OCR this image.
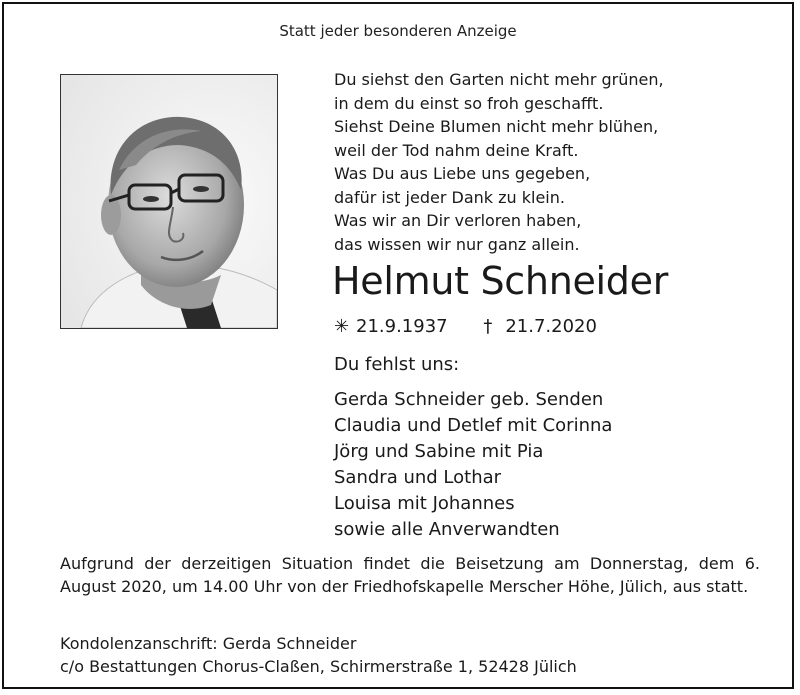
Statt jeder besonderen Anzeige
Du siehst den Garten nicht mehr grünen,
in dem du einst so froh geschafft.
Siehst Deine Blumen nicht mehr blühen,
weil der Tod nahm deine Kraft.
Was Du aus Liebe uns gegeben,
dafür ist jeder Dank zu klein.
Was wir an Dir verloren haben,
das wissen wir nur ganz allein.
Helmut Schneider
✳ 21.9.1937 † 21.7.2020
Du fehlst uns:
Gerda Schneider geb. Senden
Claudia und Detlef mit Corinna
Jörg und Sabine mit Pia
Sandra und Lothar
Louisa mit Johannes
sowie alle Anverwandten
Aufgrund der derzeitigen Situation findet die Beisetzung am Donnerstag, dem 6. August 2020, um 14.00 Uhr von der Friedhofskapelle Merscher Höhe, Jülich, aus statt.
Kondolenzanschrift: Gerda Schneider
c/o Bestattungen Chorus-Claßen, Schirmerstraße 1, 52428 Jülich
